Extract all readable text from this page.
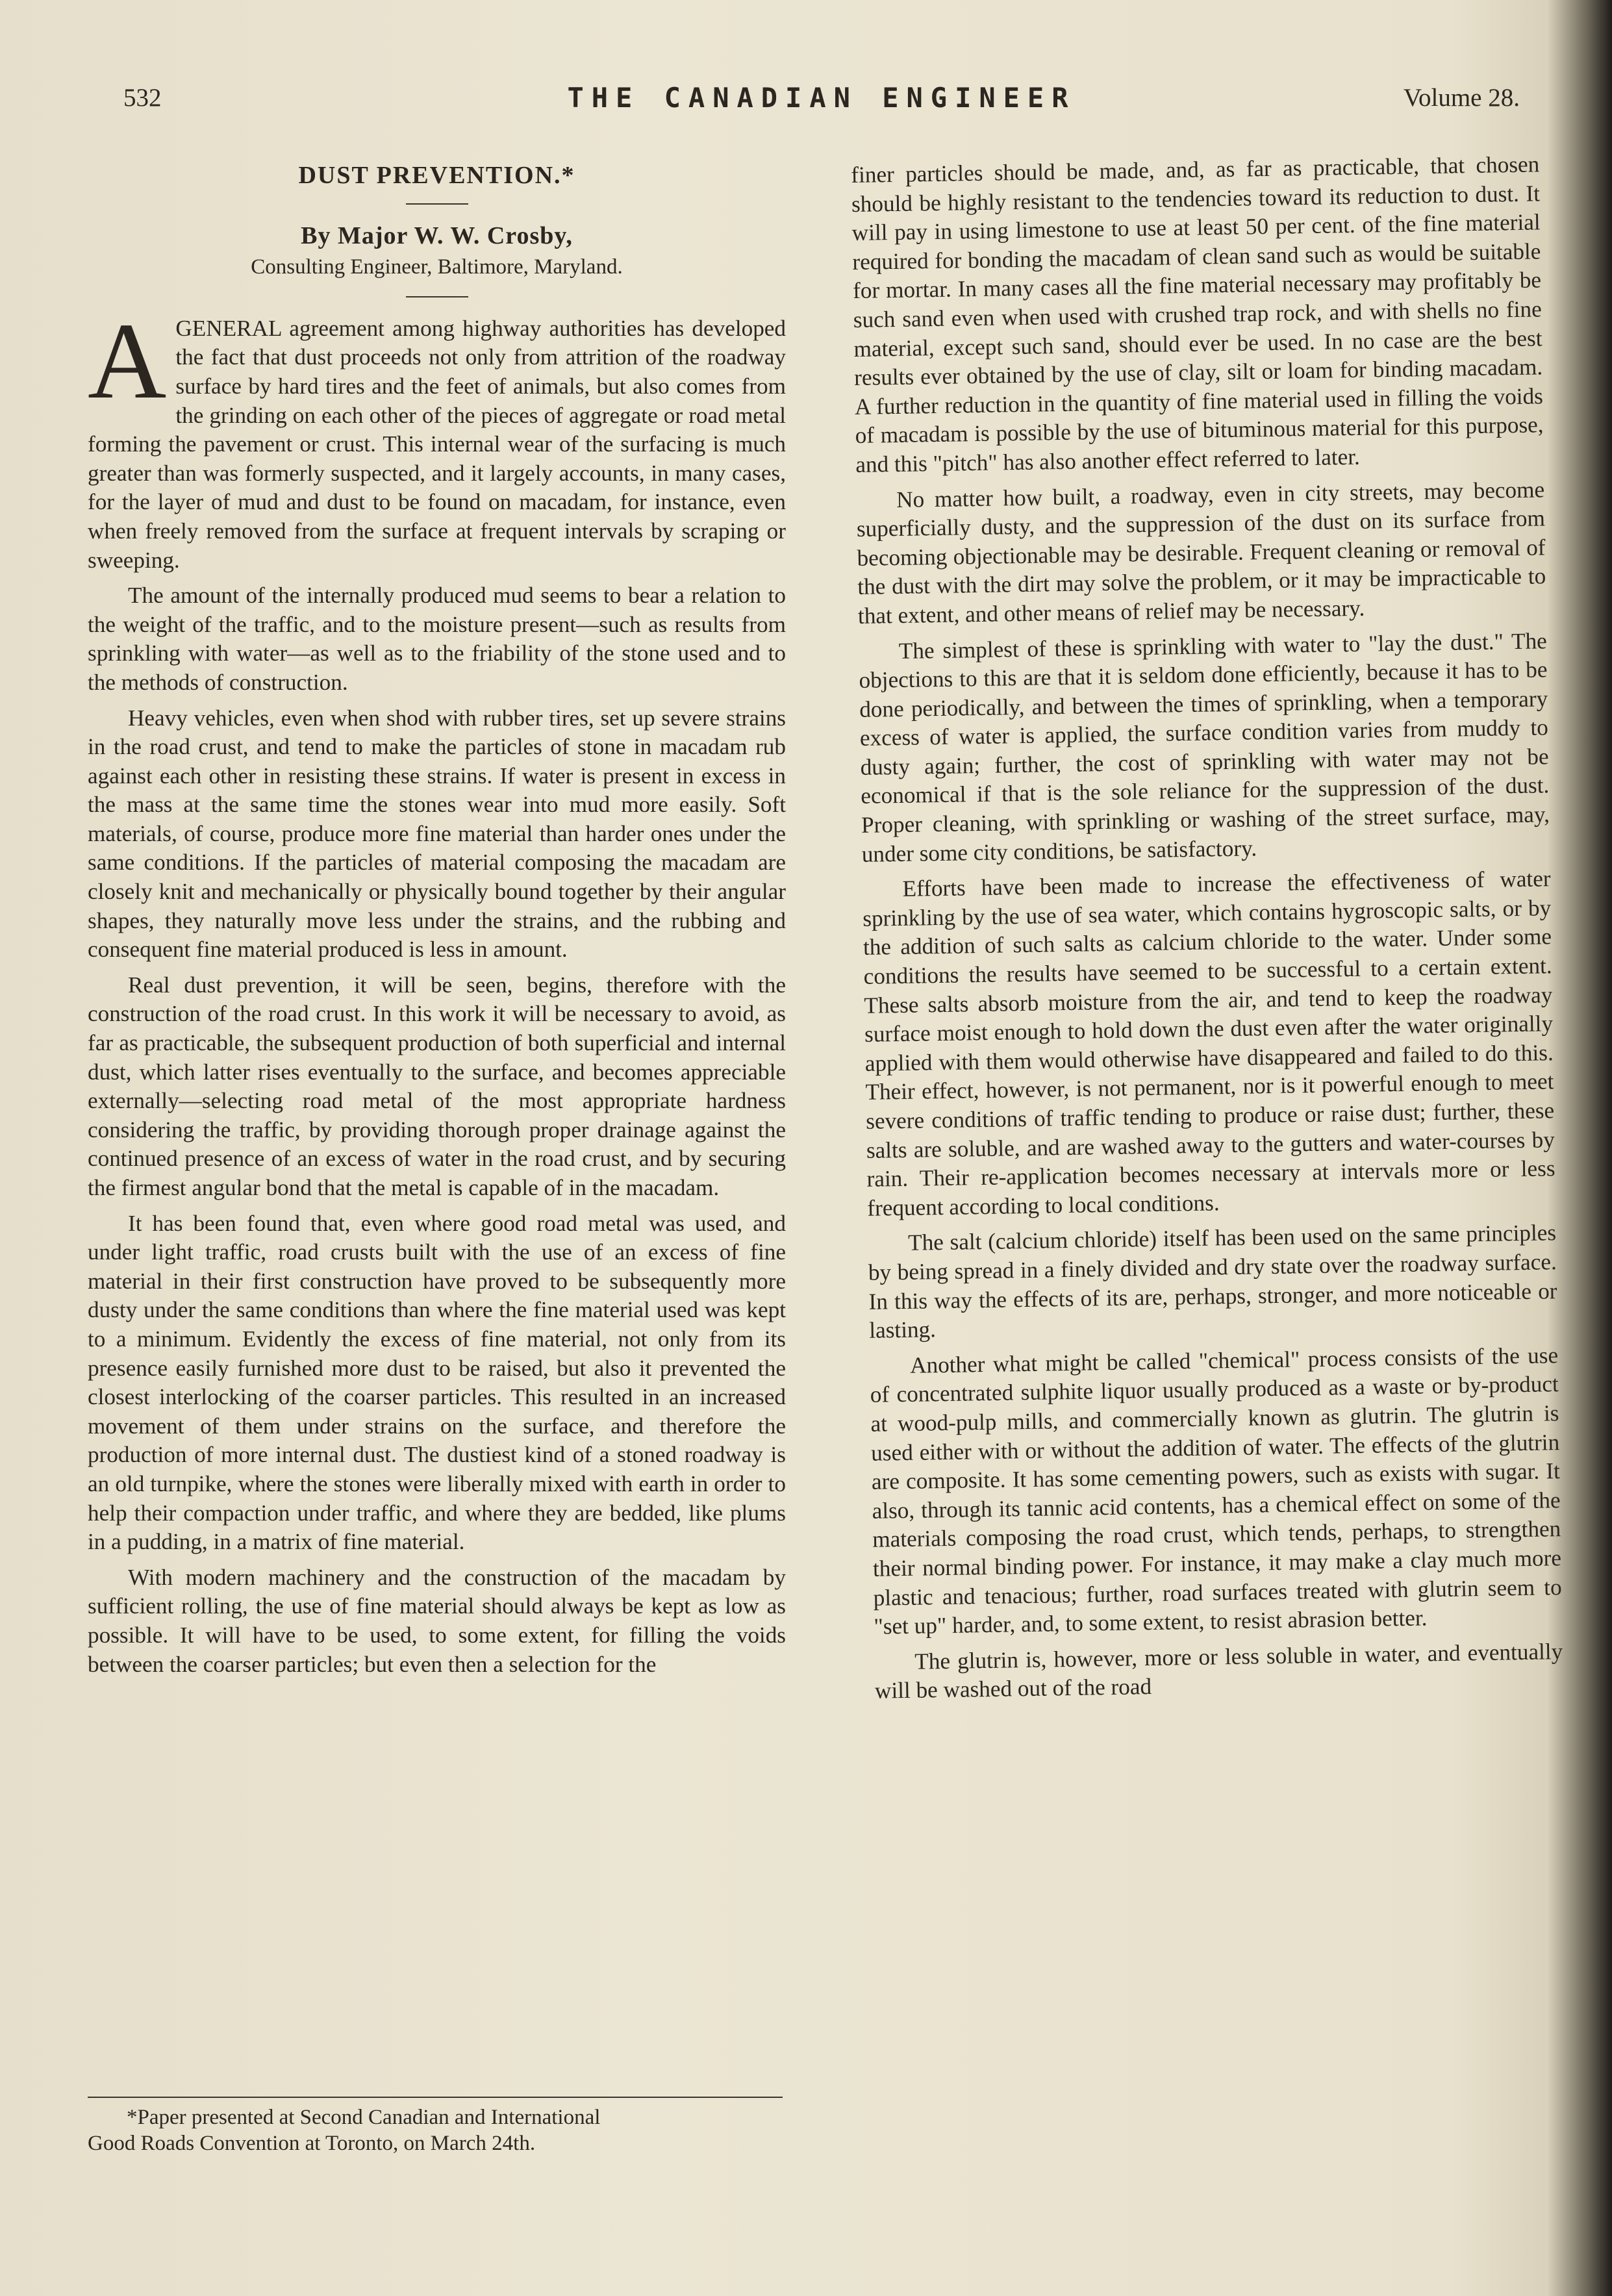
532	THE CANADIAN ENGINEER	Volume 28.
DUST PREVENTION.*
By Major W. W. Crosby,
Consulting Engineer, Baltimore, Maryland.
A GENERAL agreement among highway authorities has developed the fact that dust proceeds not only from attrition of the roadway surface by hard tires and the feet of animals, but also comes from the grinding on each other of the pieces of aggregate or road metal forming the pavement or crust. This internal wear of the surfacing is much greater than was formerly suspected, and it largely accounts, in many cases, for the layer of mud and dust to be found on macadam, for instance, even when freely removed from the surface at frequent intervals by scraping or sweeping.

The amount of the internally produced mud seems to bear a relation to the weight of the traffic, and to the moisture present—such as results from sprinkling with water—as well as to the friability of the stone used and to the methods of construction.

Heavy vehicles, even when shod with rubber tires, set up severe strains in the road crust, and tend to make the particles of stone in macadam rub against each other in resisting these strains. If water is present in excess in the mass at the same time the stones wear into mud more easily. Soft materials, of course, produce more fine material than harder ones under the same conditions. If the particles of material composing the macadam are closely knit and mechanically or physically bound together by their angular shapes, they naturally move less under the strains, and the rubbing and consequent fine material produced is less in amount.

Real dust prevention, it will be seen, begins, therefore with the construction of the road crust. In this work it will be necessary to avoid, as far as practicable, the subsequent production of both superficial and internal dust, which latter rises eventually to the surface, and becomes appreciable externally—selecting road metal of the most appropriate hardness considering the traffic, by providing thorough proper drainage against the continued presence of an excess of water in the road crust, and by securing the firmest angular bond that the metal is capable of in the macadam.

It has been found that, even where good road metal was used, and under light traffic, road crusts built with the use of an excess of fine material in their first construction have proved to be subsequently more dusty under the same conditions than where the fine material used was kept to a minimum. Evidently the excess of fine material, not only from its presence easily furnished more dust to be raised, but also it prevented the closest interlocking of the coarser particles. This resulted in an increased movement of them under strains on the surface, and therefore the production of more internal dust. The dustiest kind of a stoned roadway is an old turnpike, where the stones were liberally mixed with earth in order to help their compaction under traffic, and where they are bedded, like plums in a pudding, in a matrix of fine material.

With modern machinery and the construction of the macadam by sufficient rolling, the use of fine material should always be kept as low as possible. It will have to be used, to some extent, for filling the voids between the coarser particles; but even then a selection for the

*Paper presented at Second Canadian and International
Good Roads Convention at Toronto, on March 24th.

finer particles should be made, and, as far as practicable, that chosen should be highly resistant to the tendencies toward its reduction to dust. It will pay in using limestone to use at least 50 per cent. of the fine material required for bonding the macadam of clean sand such as would be suitable for mortar. In many cases all the fine material necessary may profitably be such sand even when used with crushed trap rock, and with shells no fine material, except such sand, should ever be used. In no case are the best results ever obtained by the use of clay, silt or loam for binding macadam. A further reduction in the quantity of fine material used in filling the voids of macadam is possible by the use of bituminous material for this purpose, and this "pitch" has also another effect referred to later.

No matter how built, a roadway, even in city streets, may become superficially dusty, and the suppression of the dust on its surface from becoming objectionable may be desirable. Frequent cleaning or removal of the dust with the dirt may solve the problem, or it may be impracticable to that extent, and other means of relief may be necessary.

The simplest of these is sprinkling with water to "lay the dust." The objections to this are that it is seldom done efficiently, because it has to be done periodically, and between the times of sprinkling, when a temporary excess of water is applied, the surface condition varies from muddy to dusty again; further, the cost of sprinkling with water may not be economical if that is the sole reliance for the suppression of the dust. Proper cleaning, with sprinkling or washing of the street surface, may, under some city conditions, be satisfactory.

Efforts have been made to increase the effectiveness of water sprinkling by the use of sea water, which contains hygroscopic salts, or by the addition of such salts as calcium chloride to the water. Under some conditions the results have seemed to be successful to a certain extent. These salts absorb moisture from the air, and tend to keep the roadway surface moist enough to hold down the dust even after the water originally applied with them would otherwise have disappeared and failed to do this. Their effect, however, is not permanent, nor is it powerful enough to meet severe conditions of traffic tending to produce or raise dust; further, these salts are soluble, and are washed away to the gutters and water-courses by rain. Their re-application becomes necessary at intervals more or less frequent according to local conditions.

The salt (calcium chloride) itself has been used on the same principles by being spread in a finely divided and dry state over the roadway surface. In this way the effects of its are, perhaps, stronger, and more noticeable or lasting.

Another what might be called "chemical" process consists of the use of concentrated sulphite liquor usually produced as a waste or by-product at wood-pulp mills, and commercially known as glutrin. The glutrin is used either with or without the addition of water. The effects of the glutrin are composite. It has some cementing powers, such as exists with sugar. It also, through its tannic acid contents, has a chemical effect on some of the materials composing the road crust, which tends, perhaps, to strengthen their normal binding power. For instance, it may make a clay much more plastic and tenacious; further, road surfaces treated with glutrin seem to "set up" harder, and, to some extent, to resist abrasion better.

The glutrin is, however, more or less soluble in water, and eventually will be washed out of the road
